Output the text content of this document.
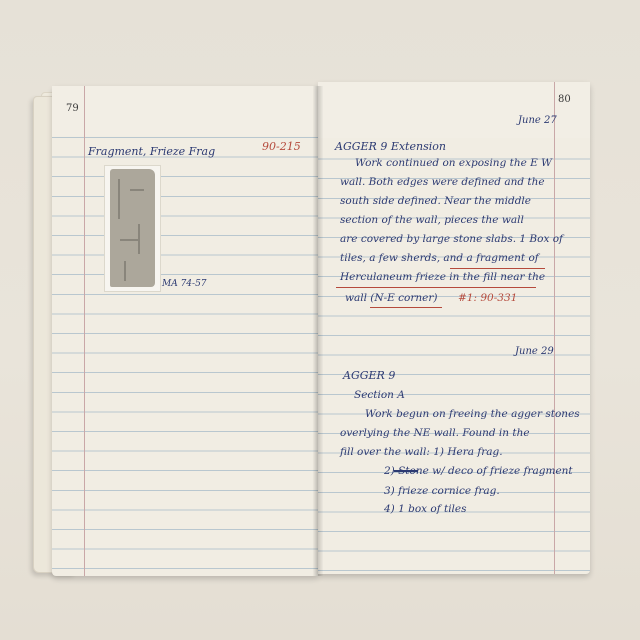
79
Fragment, Frieze Frag	90-215
MA 74-57
80
June 27
AGGER 9 Extension
Work continued on exposing the E W
wall. Both edges were defined and the
south side defined. Near the middle
section of the wall, pieces the wall
are covered by large stone slabs. 1 Box of
tiles, a few sherds, and a fragment of
Herculaneum frieze in the fill near the
wall (N-E corner) #1: 90-331
June 29
AGGER 9
Section A
Work begun on freeing the agger stones
overlying the NE wall. Found in the
fill over the wall: 1) Hera frag.
2) Stone w/ deco of frieze fragment
3) frieze cornice frag.
4) 1 box of tiles
